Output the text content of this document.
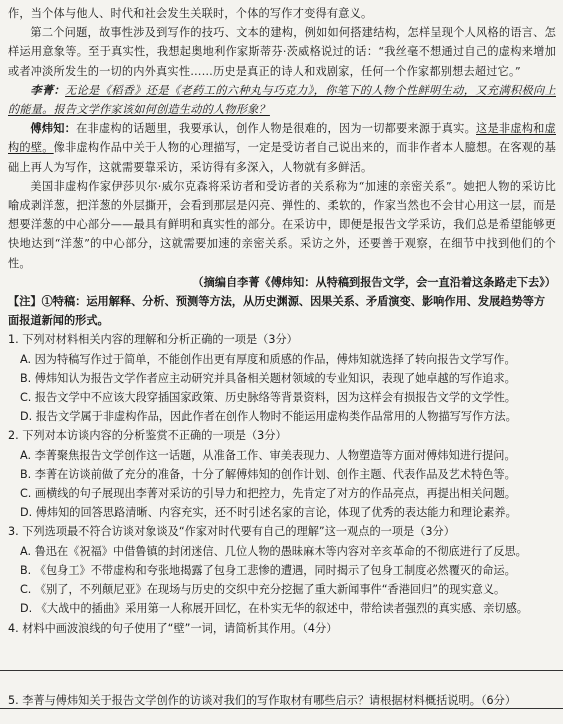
作，当个体与他人、时代和社会发生关联时，个体的写作才变得有意义。

第二个问题，故事性涉及到写作的技巧、文本的建构，例如如何搭建结构，怎样呈现个人风格的语言、怎样运用意象等。至于真实性，我想起奥地利作家斯蒂芬·茨威格说过的话：“我丝毫不想通过自己的虚构来增加或者冲淡所发生的一切的内外真实性……历史是真正的诗人和戏剧家，任何一个作家都别想去超过它。”

李菁：无论是《稻香》还是《老药工的六种丸与巧克力》，你笔下的人物个性鲜明生动，又充满积极向上的能量。报告文学作家该如何创造生动的人物形象？

傅炜知：在非虚构的话题里，我要承认，创作人物是很难的，因为一切都要来源于真实。这是非虚构和虚构的壁。像非虚构作品中关于人物的心理描写，一定是受访者自己说出来的，而非作者本人臆想。在客观的基础上再人为写作，这就需要靠采访，采访得有多深入，人物就有多鲜活。

美国非虚构作家伊莎贝尔·威尔克森将采访者和受访者的关系称为“加速的亲密关系”。她把人物的采访比喻成剥洋葱，把洋葱的外层撕开，会看到那层是闪亮、弹性的、柔软的，作家当然也不会甘心用这一层，而是想要洋葱的中心部分——最具有鲜明和真实性的部分。在采访中，即便是报告文学采访，我们总是希望能够更快地达到“洋葱”的中心部分，这就需要加速的亲密关系。采访之外，还要善于观察，在细节中找到他们的个性。

（摘编自李菁《傅炜知：从特稿到报告文学，会一直沿着这条路走下去》）

【注】①特稿：运用解释、分析、预测等方法，从历史渊源、因果关系、矛盾演变、影响作用、发展趋势等方面报道新闻的形式。

1. 下列对材料相关内容的理解和分析正确的一项是（3分）

A. 因为特稿写作过于简单，不能创作出更有厚度和质感的作品，傅炜知就选择了转向报告文学写作。

B. 傅炜知认为报告文学作者应主动研究并具备相关题材领域的专业知识，表现了她卓越的写作追求。

C. 报告文学中不应该大段穿插国家政策、历史脉络等背景资料，因为这样会有损报告文学的文学性。

D. 报告文学属于非虚构作品，因此作者在创作人物时不能运用虚构类作品常用的人物描写写作方法。

2. 下列对本访谈内容的分析鉴赏不正确的一项是（3分）

A. 李菁聚焦报告文学创作这一话题，从准备工作、审美表现力、人物塑造等方面对傅炜知进行提问。

B. 李菁在访谈前做了充分的准备，十分了解傅炜知的创作计划、创作主题、代表作品及艺术特色等。

C. 画横线的句子展现出李菁对采访的引导力和把控力，先肯定了对方的作品亮点，再提出相关问题。

D. 傅炜知的回答思路清晰、内容充实，还不时引述名家的言论，体现了优秀的表达能力和理论素养。

3. 下列选项最不符合访谈对象谈及“作家对时代要有自己的理解”这一观点的一项是（3分）

A. 鲁迅在《祝福》中借鲁镇的封闭迷信、几位人物的愚昧麻木等内容对辛亥革命的不彻底进行了反思。

B. 《包身工》不带虚构和夸张地揭露了包身工悲惨的遭遇，同时揭示了包身工制度必然覆灭的命运。

C. 《别了，不列颠尼亚》在现场与历史的交织中充分挖掘了重大新闻事件“香港回归”的现实意义。

D. 《大战中的插曲》采用第一人称展开回忆，在朴实无华的叙述中，带给读者强烈的真实感、亲切感。

4. 材料中画波浪线的句子使用了“壁”一词，请简析其作用。（4分）

5. 李菁与傅炜知关于报告文学创作的访谈对我们的写作取材有哪些启示？请根据材料概括说明。（6分）
